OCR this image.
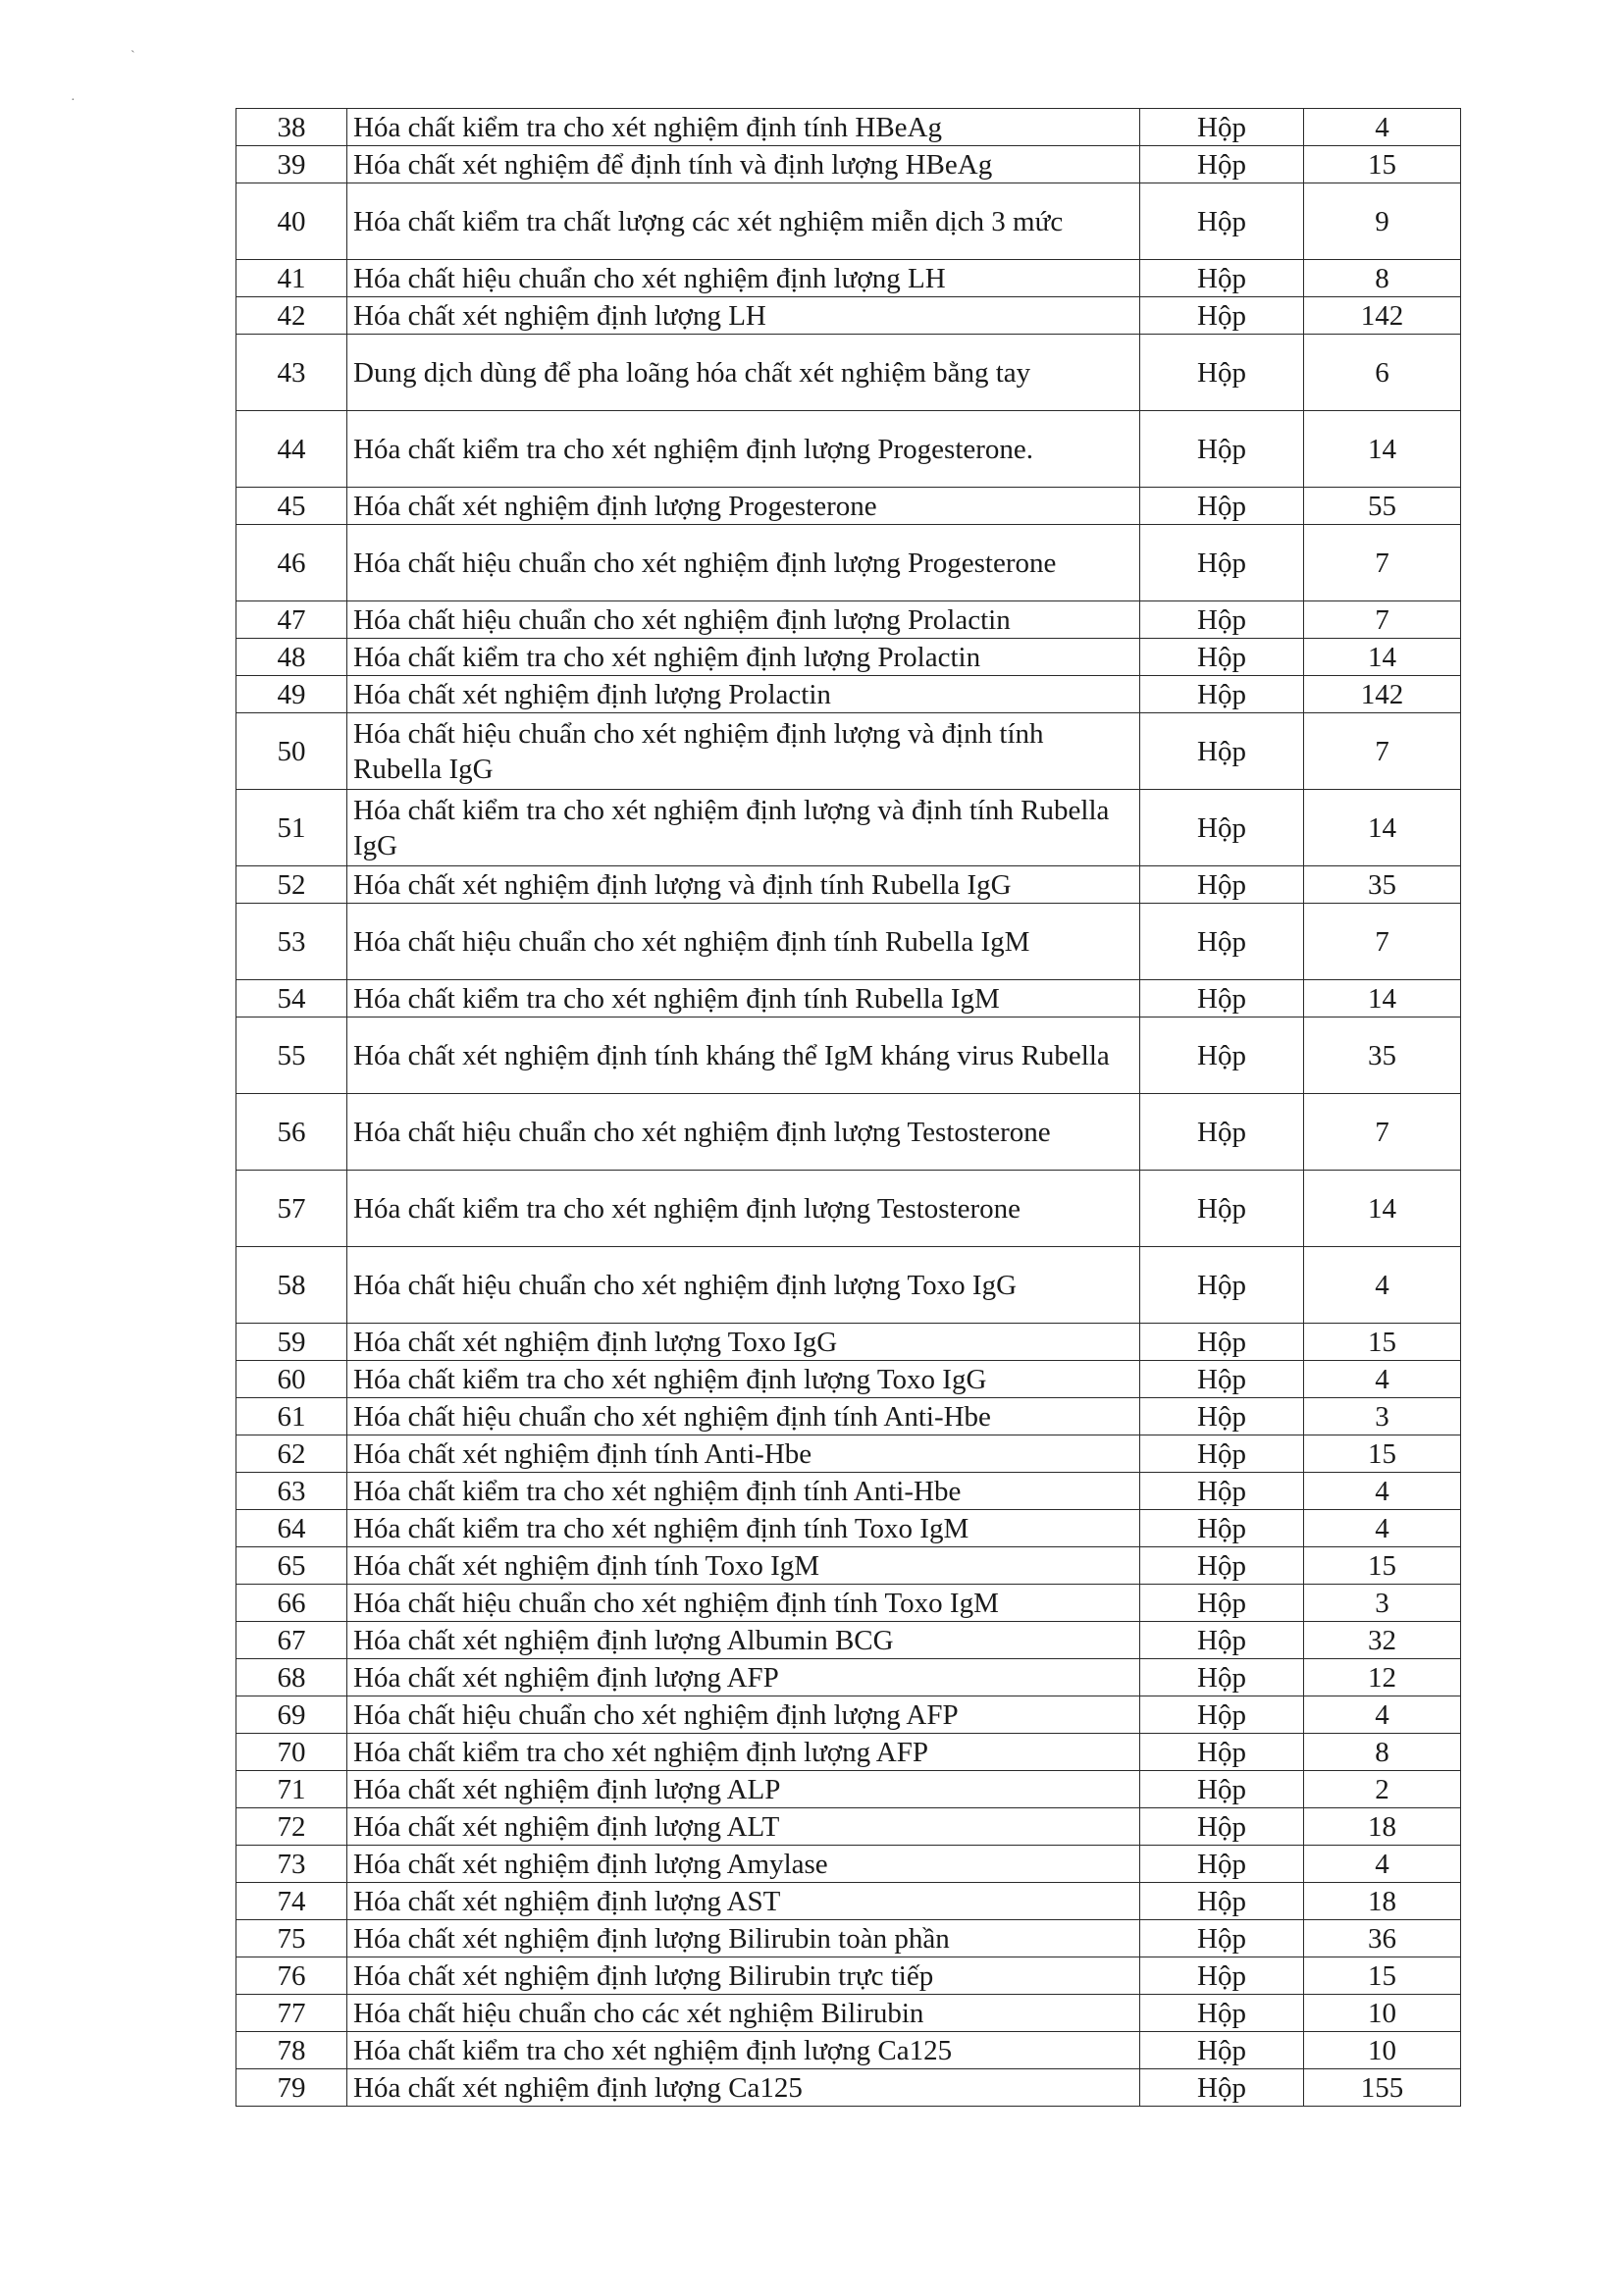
`
·
38	Hóa chất kiểm tra cho xét nghiệm định tính HBeAg	Hộp	4
39	Hóa chất xét nghiệm để định tính và định lượng HBeAg	Hộp	15
40	Hóa chất kiểm tra chất lượng các xét nghiệm miễn dịch 3 mức	Hộp	9
41	Hóa chất hiệu chuẩn cho xét nghiệm định lượng LH	Hộp	8
42	Hóa chất xét nghiệm định lượng LH	Hộp	142
43	Dung dịch dùng để pha loãng hóa chất xét nghiệm bằng tay	Hộp	6
44	Hóa chất kiểm tra cho xét nghiệm định lượng Progesterone.	Hộp	14
45	Hóa chất xét nghiệm định lượng Progesterone	Hộp	55
46	Hóa chất hiệu chuẩn cho xét nghiệm định lượng Progesterone	Hộp	7
47	Hóa chất hiệu chuẩn cho xét nghiệm định lượng Prolactin	Hộp	7
48	Hóa chất kiểm tra cho xét nghiệm định lượng Prolactin	Hộp	14
49	Hóa chất xét nghiệm định lượng Prolactin	Hộp	142
50	Hóa chất hiệu chuẩn cho xét nghiệm định lượng và định tính Rubella IgG	Hộp	7
51	Hóa chất kiểm tra cho xét nghiệm định lượng và định tính Rubella IgG	Hộp	14
52	Hóa chất xét nghiệm định lượng và định tính Rubella IgG	Hộp	35
53	Hóa chất hiệu chuẩn cho xét nghiệm định tính Rubella IgM	Hộp	7
54	Hóa chất kiểm tra cho xét nghiệm định tính Rubella IgM	Hộp	14
55	Hóa chất xét nghiệm định tính kháng thể IgM kháng virus Rubella	Hộp	35
56	Hóa chất hiệu chuẩn cho xét nghiệm định lượng Testosterone	Hộp	7
57	Hóa chất kiểm tra cho xét nghiệm định lượng Testosterone	Hộp	14
58	Hóa chất hiệu chuẩn cho xét nghiệm định lượng Toxo IgG	Hộp	4
59	Hóa chất xét nghiệm định lượng Toxo IgG	Hộp	15
60	Hóa chất kiểm tra cho xét nghiệm định lượng Toxo IgG	Hộp	4
61	Hóa chất hiệu chuẩn cho xét nghiệm định tính Anti-Hbe	Hộp	3
62	Hóa chất xét nghiệm định tính Anti-Hbe	Hộp	15
63	Hóa chất kiểm tra cho xét nghiệm định tính Anti-Hbe	Hộp	4
64	Hóa chất kiểm tra cho xét nghiệm định tính Toxo IgM	Hộp	4
65	Hóa chất xét nghiệm định tính Toxo IgM	Hộp	15
66	Hóa chất hiệu chuẩn cho xét nghiệm định tính Toxo IgM	Hộp	3
67	Hóa chất xét nghiệm định lượng Albumin BCG	Hộp	32
68	Hóa chất xét nghiệm định lượng AFP	Hộp	12
69	Hóa chất hiệu chuẩn cho xét nghiệm định lượng AFP	Hộp	4
70	Hóa chất kiểm tra cho xét nghiệm định lượng AFP	Hộp	8
71	Hóa chất xét nghiệm định lượng ALP	Hộp	2
72	Hóa chất xét nghiệm định lượng ALT	Hộp	18
73	Hóa chất xét nghiệm định lượng Amylase	Hộp	4
74	Hóa chất xét nghiệm định lượng AST	Hộp	18
75	Hóa chất xét nghiệm định lượng Bilirubin toàn phần	Hộp	36
76	Hóa chất xét nghiệm định lượng Bilirubin trực tiếp	Hộp	15
77	Hóa chất hiệu chuẩn cho các xét nghiệm Bilirubin	Hộp	10
78	Hóa chất kiểm tra cho xét nghiệm định lượng Ca125	Hộp	10
79	Hóa chất xét nghiệm định lượng Ca125	Hộp	155
